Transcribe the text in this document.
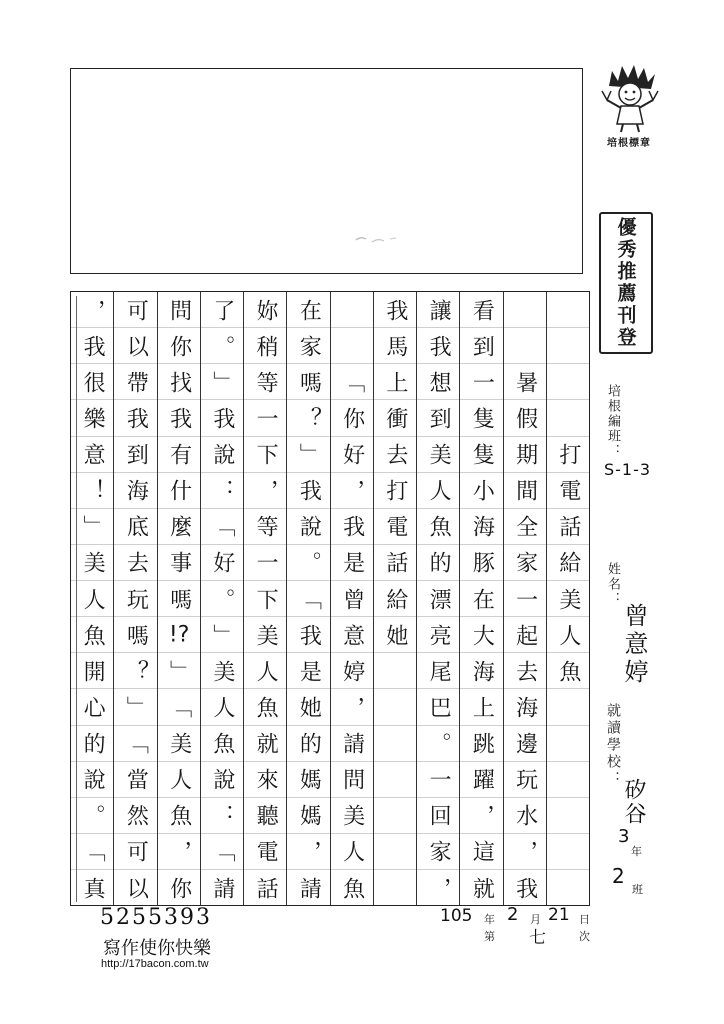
培根標章
優秀推薦刊登
培根編班：
S-1-3
姓名：
曾意婷
就讀學校：
矽谷
3
年
2
班
打
電
話
給
美
人
魚
暑
假
期
間
全
家
一
起
去
海
邊
玩
水
，
我
看
到
一
隻
隻
小
海
豚
在
大
海
上
跳
躍
，
這
就
讓
我
想
到
美
人
魚
的
漂
亮
尾
巴
。
一
回
家
，
我
馬
上
衝
去
打
電
話
給
她
「
你
好
，
我
是
曾
意
婷
，
請
問
美
人
魚
在
家
嗎
？
」
我
說
。
「
我
是
她
的
媽
媽
，
請
妳
稍
等
一
下
，
等
一
下
美
人
魚
就
來
聽
電
話
了
。
」
我
說
：
「
好
。
」
美
人
魚
說
：
「
請
問
你
找
我
有
什
麼
事
嗎
!?
」
「
美
人
魚
，
你
可
以
帶
我
到
海
底
去
玩
嗎
？
」
「
當
然
可
以
，
我
很
樂
意
！
」
美
人
魚
開
心
的
說
。
「
真
5255393
寫作使你快樂
http://17bacon.com.tw
105 年 2 月 21 日
第 七	次
